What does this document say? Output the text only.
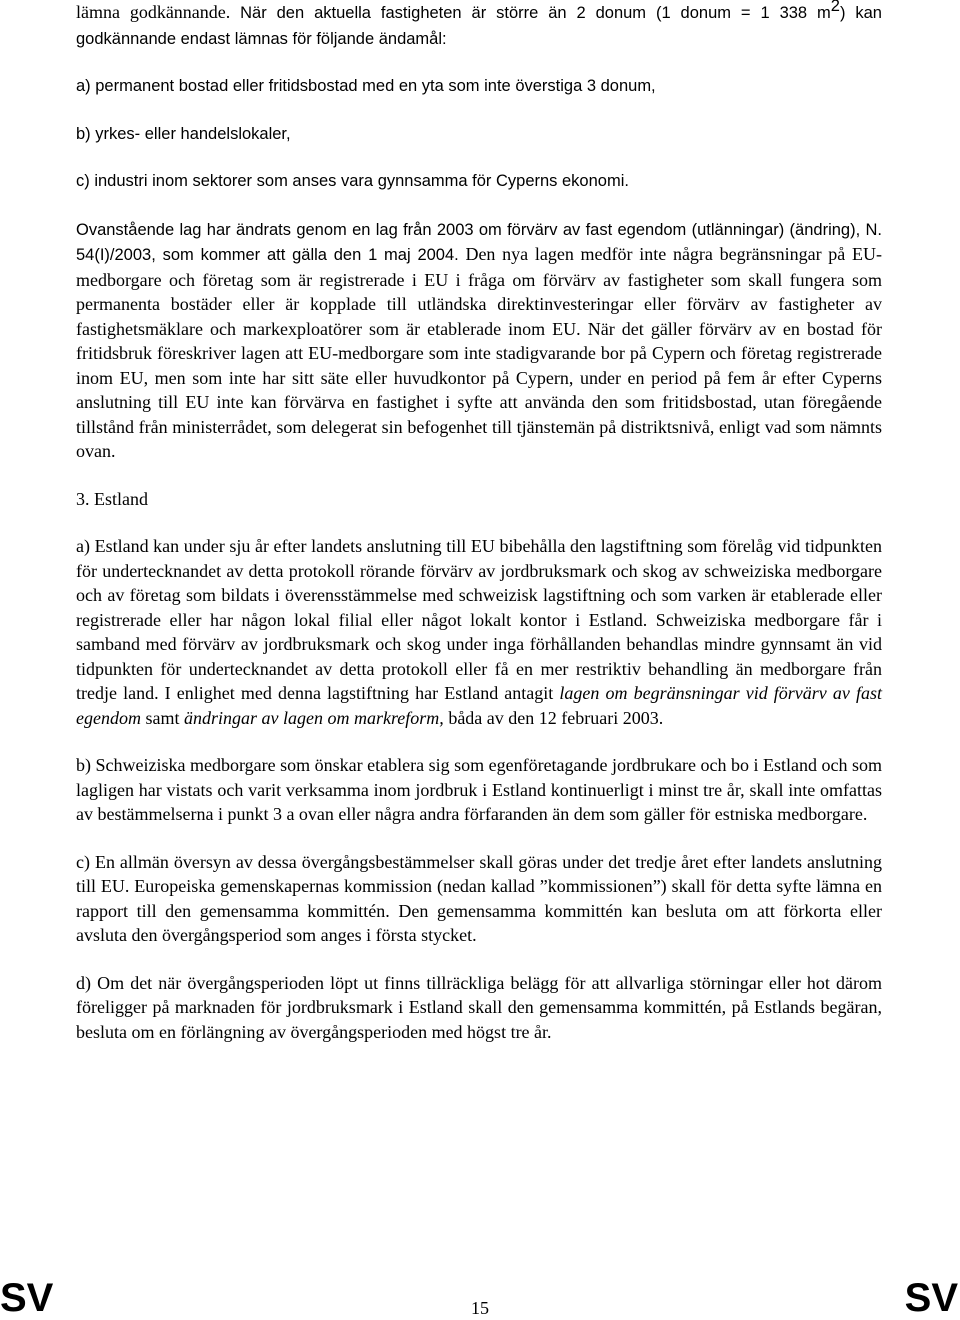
lämna godkännande. När den aktuella fastigheten är större än 2 donum (1 donum = 1 338 $m^2$) kan godkännande endast lämnas för följande ändamål:

a) permanent bostad eller fritidsbostad med en yta som inte överstiga 3 donum,

b) yrkes- eller handelslokaler,

c) industri inom sektorer som anses vara gynnsamma för Cyperns ekonomi.

Ovanstående lag har ändrats genom en lag från 2003 om förvärv av fast egendom (utlänningar) (ändring), N. 54(I)/2003, som kommer att gälla den 1 maj 2004. Den nya lagen medför inte några begränsningar på EU-medborgare och företag som är registrerade i EU i fråga om förvärv av fastigheter som skall fungera som permanenta bostäder eller är kopplade till utländska direktinvesteringar eller förvärv av fastigheter av fastighetsmäklare och markexploatörer som är etablerade inom EU. När det gäller förvärv av en bostad för fritidsbruk föreskriver lagen att EU-medborgare som inte stadigvarande bor på Cypern och företag registrerade inom EU, men som inte har sitt säte eller huvudkontor på Cypern, under en period på fem år efter Cyperns anslutning till EU inte kan förvärva en fastighet i syfte att använda den som fritidsbostad, utan föregående tillstånd från ministerrådet, som delegerat sin befogenhet till tjänstemän på distriktsnivå, enligt vad som nämnts ovan.

3. Estland

a) Estland kan under sju år efter landets anslutning till EU bibehålla den lagstiftning som förelåg vid tidpunkten för undertecknandet av detta protokoll rörande förvärv av jordbruksmark och skog av schweiziska medborgare och av företag som bildats i överensstämmelse med schweizisk lagstiftning och som varken är etablerade eller registrerade eller har någon lokal filial eller något lokalt kontor i Estland. Schweiziska medborgare får i samband med förvärv av jordbruksmark och skog under inga förhållanden behandlas mindre gynnsamt än vid tidpunkten för undertecknandet av detta protokoll eller få en mer restriktiv behandling än medborgare från tredje land. I enlighet med denna lagstiftning har Estland antagit lagen om begränsningar vid förvärv av fast egendom samt ändringar av lagen om markreform, båda av den 12 februari 2003.

b) Schweiziska medborgare som önskar etablera sig som egenföretagande jordbrukare och bo i Estland och som lagligen har vistats och varit verksamma inom jordbruk i Estland kontinuerligt i minst tre år, skall inte omfattas av bestämmelserna i punkt 3 a ovan eller några andra förfaranden än dem som gäller för estniska medborgare.

c) En allmän översyn av dessa övergångsbestämmelser skall göras under det tredje året efter landets anslutning till EU. Europeiska gemenskapernas kommission (nedan kallad ”kommissionen”) skall för detta syfte lämna en rapport till den gemensamma kommittén. Den gemensamma kommittén kan besluta om att förkorta eller avsluta den övergångsperiod som anges i första stycket.

d) Om det när övergångsperioden löpt ut finns tillräckliga belägg för att allvarliga störningar eller hot därom föreligger på marknaden för jordbruksmark i Estland skall den gemensamma kommittén, på Estlands begäran, besluta om en förlängning av övergångsperioden med högst tre år.

SV	15	SV
